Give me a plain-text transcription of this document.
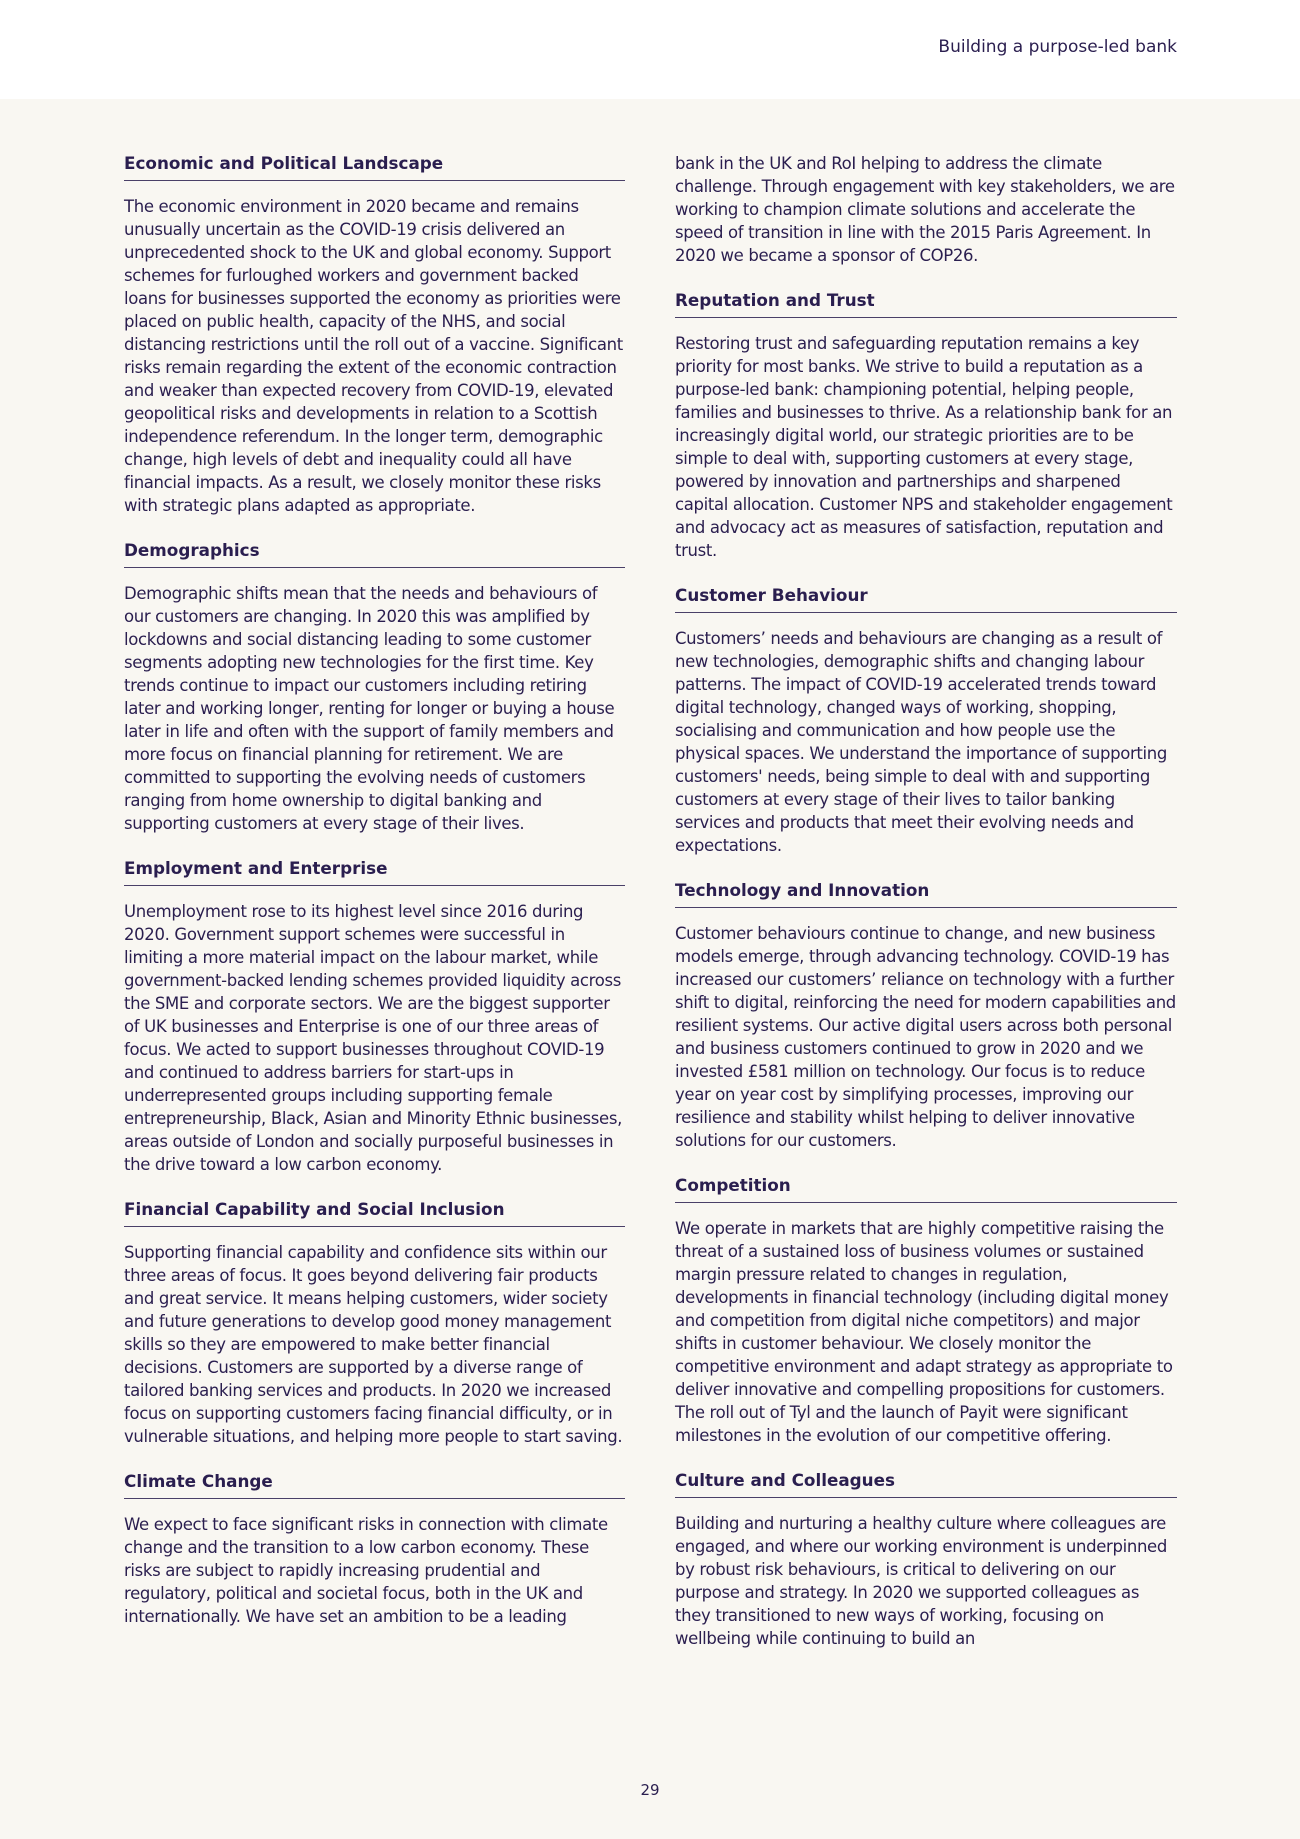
Building a purpose-led bank
Economic and Political Landscape

The economic environment in 2020 became and remains unusually uncertain as the COVID-19 crisis delivered an unprecedented shock to the UK and global economy. Support schemes for furloughed workers and government backed loans for businesses supported the economy as priorities were placed on public health, capacity of the NHS, and social distancing restrictions until the roll out of a vaccine. Significant risks remain regarding the extent of the economic contraction and weaker than expected recovery from COVID-19, elevated geopolitical risks and developments in relation to a Scottish independence referendum. In the longer term, demographic change, high levels of debt and inequality could all have financial impacts. As a result, we closely monitor these risks with strategic plans adapted as appropriate.

Demographics

Demographic shifts mean that the needs and behaviours of our customers are changing. In 2020 this was amplified by lockdowns and social distancing leading to some customer segments adopting new technologies for the first time. Key trends continue to impact our customers including retiring later and working longer, renting for longer or buying a house later in life and often with the support of family members and more focus on financial planning for retirement. We are committed to supporting the evolving needs of customers ranging from home ownership to digital banking and supporting customers at every stage of their lives.

Employment and Enterprise

Unemployment rose to its highest level since 2016 during 2020. Government support schemes were successful in limiting a more material impact on the labour market, while government-backed lending schemes provided liquidity across the SME and corporate sectors. We are the biggest supporter of UK businesses and Enterprise is one of our three areas of focus. We acted to support businesses throughout COVID-19 and continued to address barriers for start-ups in underrepresented groups including supporting female entrepreneurship, Black, Asian and Minority Ethnic businesses, areas outside of London and socially purposeful businesses in the drive toward a low carbon economy.

Financial Capability and Social Inclusion

Supporting financial capability and confidence sits within our three areas of focus. It goes beyond delivering fair products and great service. It means helping customers, wider society and future generations to develop good money management skills so they are empowered to make better financial decisions. Customers are supported by a diverse range of tailored banking services and products. In 2020 we increased focus on supporting customers facing financial difficulty, or in vulnerable situations, and helping more people to start saving.

Climate Change

We expect to face significant risks in connection with climate change and the transition to a low carbon economy. These risks are subject to rapidly increasing prudential and regulatory, political and societal focus, both in the UK and internationally. We have set an ambition to be a leading

bank in the UK and RoI helping to address the climate challenge. Through engagement with key stakeholders, we are working to champion climate solutions and accelerate the speed of transition in line with the 2015 Paris Agreement. In 2020 we became a sponsor of COP26.

Reputation and Trust

Restoring trust and safeguarding reputation remains a key priority for most banks. We strive to build a reputation as a purpose-led bank: championing potential, helping people, families and businesses to thrive. As a relationship bank for an increasingly digital world, our strategic priorities are to be simple to deal with, supporting customers at every stage, powered by innovation and partnerships and sharpened capital allocation. Customer NPS and stakeholder engagement and advocacy act as measures of satisfaction, reputation and trust.

Customer Behaviour

Customers’ needs and behaviours are changing as a result of new technologies, demographic shifts and changing labour patterns. The impact of COVID-19 accelerated trends toward digital technology, changed ways of working, shopping, socialising and communication and how people use the physical spaces. We understand the importance of supporting customers' needs, being simple to deal with and supporting customers at every stage of their lives to tailor banking services and products that meet their evolving needs and expectations.

Technology and Innovation

Customer behaviours continue to change, and new business models emerge, through advancing technology. COVID-19 has increased our customers’ reliance on technology with a further shift to digital, reinforcing the need for modern capabilities and resilient systems. Our active digital users across both personal and business customers continued to grow in 2020 and we invested £581 million on technology. Our focus is to reduce year on year cost by simplifying processes, improving our resilience and stability whilst helping to deliver innovative solutions for our customers.

Competition

We operate in markets that are highly competitive raising the threat of a sustained loss of business volumes or sustained margin pressure related to changes in regulation, developments in financial technology (including digital money and competition from digital niche competitors) and major shifts in customer behaviour. We closely monitor the competitive environment and adapt strategy as appropriate to deliver innovative and compelling propositions for customers. The roll out of Tyl and the launch of Payit were significant milestones in the evolution of our competitive offering.

Culture and Colleagues

Building and nurturing a healthy culture where colleagues are engaged, and where our working environment is underpinned by robust risk behaviours, is critical to delivering on our purpose and strategy. In 2020 we supported colleagues as they transitioned to new ways of working, focusing on wellbeing while continuing to build an

29
